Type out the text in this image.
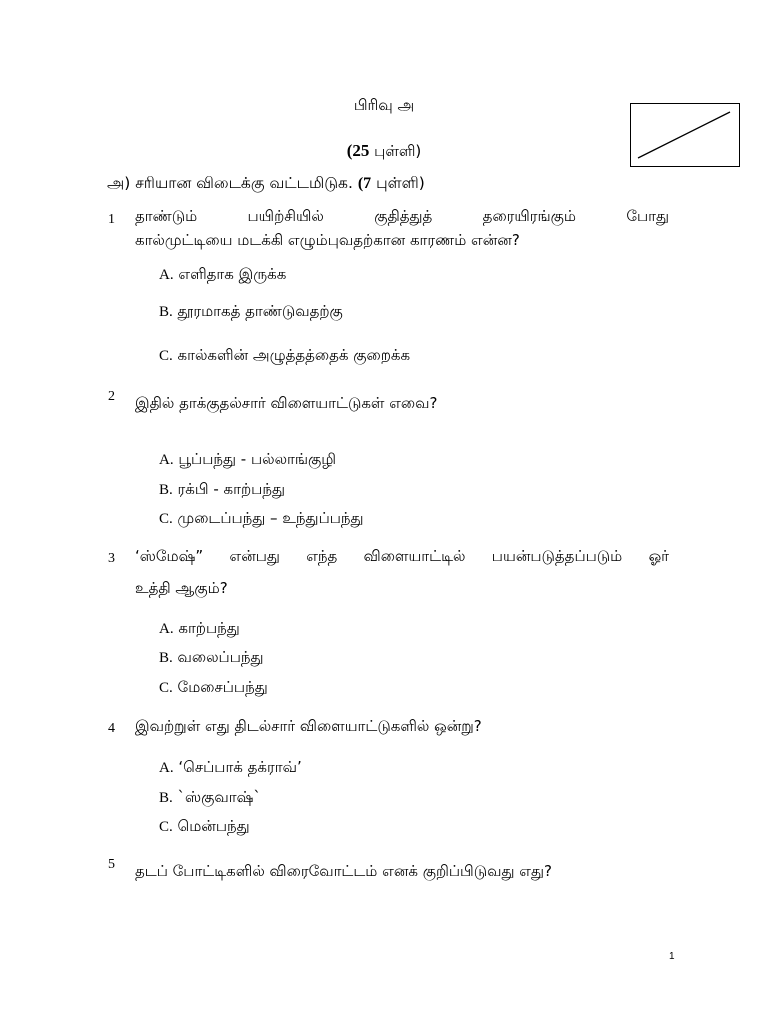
பிரிவு அ

(25 புள்ளி)

அ) சரியான விடைக்கு வட்டமிடுக. (7 புள்ளி)

1 தாண்டும் பயிற்சியில் குதித்துத் தரையிரங்கும் போது

கால்முட்டியை மடக்கி எழும்புவதற்கான காரணம் என்ன?

A. எளிதாக இருக்க

B. தூரமாகத் தாண்டுவதற்கு

C. கால்களின் அழுத்தத்தைக் குறைக்க

2 இதில் தாக்குதல்சார் விளையாட்டுகள் எவை?

A. பூப்பந்து - பல்லாங்குழி

B. ரக்பி - காற்பந்து

C. முடைப்பந்து – உந்துப்பந்து

3 ‘ஸ்மேஷ்” என்பது எந்த விளையாட்டில் பயன்படுத்தப்படும் ஓர்

உத்தி ஆகும்?

A. காற்பந்து

B. வலைப்பந்து

C. மேசைப்பந்து

4 இவற்றுள் எது திடல்சார் விளையாட்டுகளில் ஒன்று?

A. ‘செப்பாக் தக்ராவ்’

B. `ஸ்குவாஷ்`

C. மென்பந்து

5 தடப் போட்டிகளில் விரைவோட்டம் எனக் குறிப்பிடுவது எது?

1
